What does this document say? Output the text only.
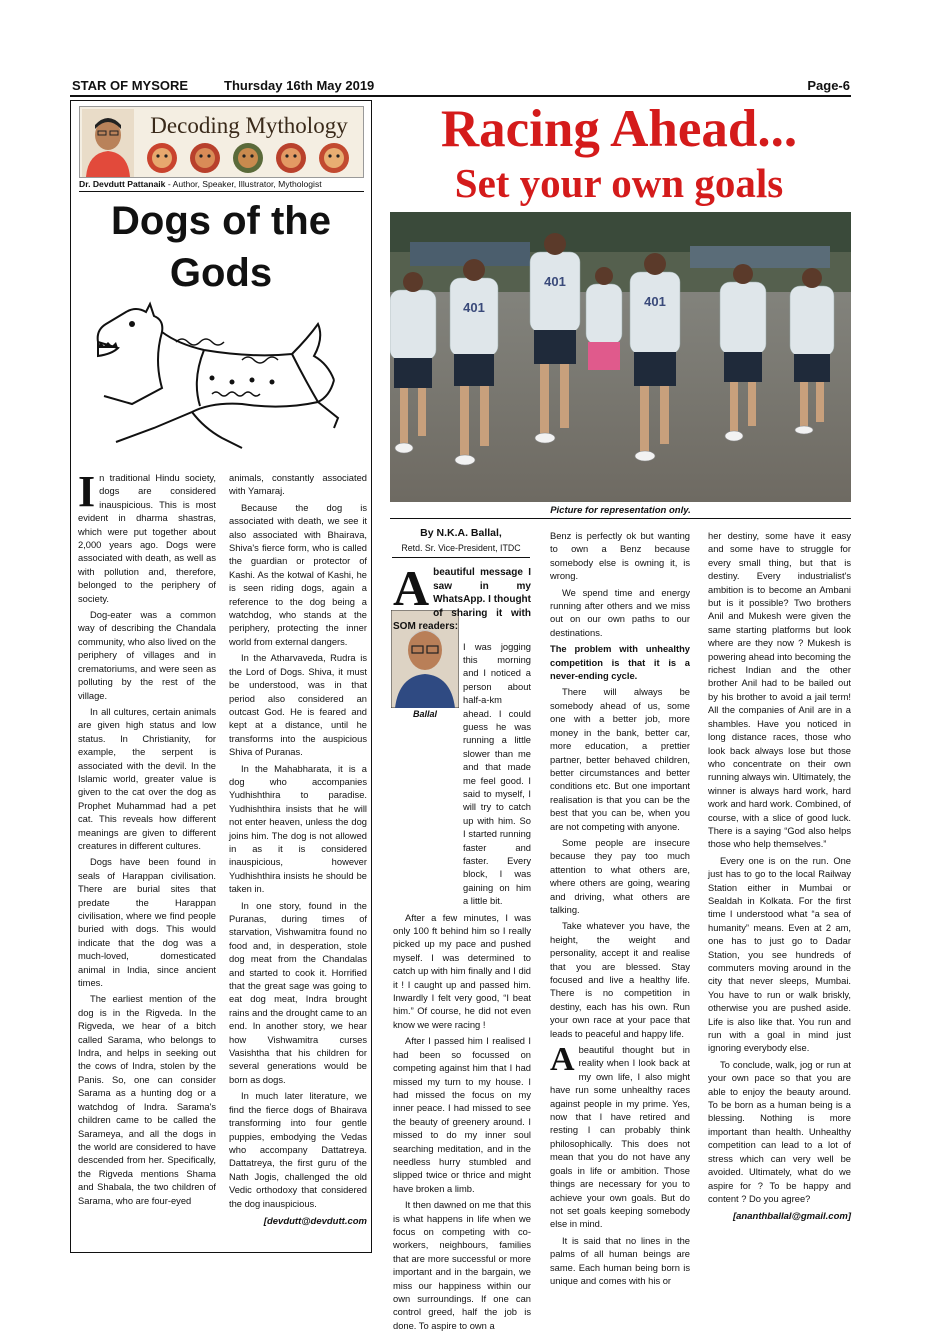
STAR OF MYSORE	Thursday 16th May 2019	Page-6
Decoding Mythology
Dr. Devdutt Pattanaik - Author, Speaker, Illustrator, Mythologist
Dogs of the
Gods

In traditional Hindu society, dogs are considered inauspicious. This is most evident in dharma shastras, which were put together about 2,000 years ago. Dogs were associated with death, as well as with pollution and, therefore, belonged to the periphery of society.

Dog-eater was a common way of describing the Chandala community, who also lived on the periphery of villages and in crematoriums, and were seen as polluting by the rest of the village.

In all cultures, certain animals are given high status and low status. In Christianity, for example, the serpent is associated with the devil. In the Islamic world, greater value is given to the cat over the dog as Prophet Muhammad had a pet cat. This reveals how different meanings are given to different creatures in different cultures.

Dogs have been found in seals of Harappan civilisation. There are burial sites that predate the Harappan civilisation, where we find people buried with dogs. This would indicate that the dog was a much-loved, domesticated animal in India, since ancient times.

The earliest mention of the dog is in the Rigveda. In the Rigveda, we hear of a bitch called Sarama, who belongs to Indra, and helps in seeking out the cows of Indra, stolen by the Panis. So, one can consider Sarama as a hunting dog or a watchdog of Indra. Sarama's children came to be called the Sarameya, and all the dogs in the world are considered to have descended from her. Specifically, the Rigveda mentions Shama and Shabala, the two children of Sarama, who are four-eyed

animals, constantly associated with Yamaraj.

Because the dog is associated with death, we see it also associated with Bhairava, Shiva's fierce form, who is called the guardian or protector of Kashi. As the kotwal of Kashi, he is seen riding dogs, again a reference to the dog being a watchdog, who stands at the periphery, protecting the inner world from external dangers.

In the Atharvaveda, Rudra is the Lord of Dogs. Shiva, it must be understood, was in that period also considered an outcast God. He is feared and kept at a distance, until he transforms into the auspicious Shiva of Puranas.

In the Mahabharata, it is a dog who accompanies Yudhishthira to paradise. Yudhishthira insists that he will not enter heaven, unless the dog joins him. The dog is not allowed in as it is considered inauspicious, however Yudhishthira insists he should be taken in.

In one story, found in the Puranas, during times of starvation, Vishwamitra found no food and, in desperation, stole dog meat from the Chandalas and started to cook it. Horrified that the great sage was going to eat dog meat, Indra brought rains and the drought came to an end. In another story, we hear how Vishwamitra curses Vasishtha that his children for several generations would be born as dogs.

In much later literature, we find the fierce dogs of Bhairava transforming into four gentle puppies, embodying the Vedas who accompany Dattatreya. Dattatreya, the first guru of the Nath Jogis, challenged the old Vedic orthodoxy that considered the dog inauspicious.

[devdutt@devdutt.com
Racing Ahead...
Set your own goals
401	401
401
Picture for representation only.
By N.K.A. Ballal,
Retd. Sr. Vice-President, ITDC
Ballal

Abeautiful message I saw in my WhatsApp. I thought of sharing it with SOM readers:

I was jogging this morning and I noticed a person about half-a-km ahead. I could guess he was running a little slower than me and that made me feel good. I said to myself, I will try to catch up with him. So I started running faster and faster. Every block, I was gaining on him a little bit.

After a few minutes, I was only 100 ft behind him so I really picked up my pace and pushed myself. I was determined to catch up with him finally and I did it ! I caught up and passed him. Inwardly I felt very good, “I beat him.” Of course, he did not even know we were racing !

After I passed him I realised I had been so focussed on competing against him that I had missed my turn to my house. I had missed the focus on my inner peace. I had missed to see the beauty of greenery around. I missed to do my inner soul searching meditation, and in the needless hurry stumbled and slipped twice or thrice and might have broken a limb.

It then dawned on me that this is what happens in life when we focus on competing with co-workers, neighbours, families that are more successful or more important and in the bargain, we miss our happiness within our own surroundings. If one can control greed, half the job is done. To aspire to own a

Benz is perfectly ok but wanting to own a Benz because somebody else is owning it, is wrong.

We spend time and energy running after others and we miss out on our own paths to our destinations.

The problem with unhealthy competition is that it is a never-ending cycle.

There will always be somebody ahead of us, some one with a better job, more money in the bank, better car, more education, a prettier partner, better behaved children, better circumstances and better conditions etc. But one important realisation is that you can be the best that you can be, when you are not competing with anyone.

Some people are insecure because they pay too much attention to what others are, where others are going, wearing and driving, what others are talking.

Take whatever you have, the height, the weight and personality, accept it and realise that you are blessed. Stay focused and live a healthy life. There is no competition in destiny, each has his own. Run your own race at your pace that leads to peaceful and happy life.

Abeautiful thought but in reality when I look back at my own life, I also might have run some unhealthy races against people in my prime. Yes, now that I have retired and resting I can probably think philosophically. This does not mean that you do not have any goals in life or ambition. Those things are necessary for you to achieve your own goals. But do not set goals keeping somebody else in mind.

It is said that no lines in the palms of all human beings are same. Each human being born is unique and comes with his or

her destiny, some have it easy and some have to struggle for every small thing, but that is destiny. Every industrialist's ambition is to become an Ambani but is it possible? Two brothers Anil and Mukesh were given the same starting platforms but look where are they now ? Mukesh is powering ahead into becoming the richest Indian and the other brother Anil had to be bailed out by his brother to avoid a jail term! All the companies of Anil are in a shambles. Have you noticed in long distance races, those who look back always lose but those who concentrate on their own running always win. Ultimately, the winner is always hard work, hard work and hard work. Combined, of course, with a slice of good luck. There is a saying “God also helps those who help themselves.”

Every one is on the run. One just has to go to the local Railway Station either in Mumbai or Sealdah in Kolkata. For the first time I understood what “a sea of humanity” means. Even at 2 am, one has to just go to Dadar Station, you see hundreds of commuters moving around in the city that never sleeps, Mumbai. You have to run or walk briskly, otherwise you are pushed aside. Life is also like that. You run and run with a goal in mind just ignoring everybody else.

To conclude, walk, jog or run at your own pace so that you are able to enjoy the beauty around. To be born as a human being is a blessing. Nothing is more important than health. Unhealthy competition can lead to a lot of stress which can very well be avoided. Ultimately, what do we aspire for ? To be happy and content ? Do you agree?

[ananthballal@gmail.com]
